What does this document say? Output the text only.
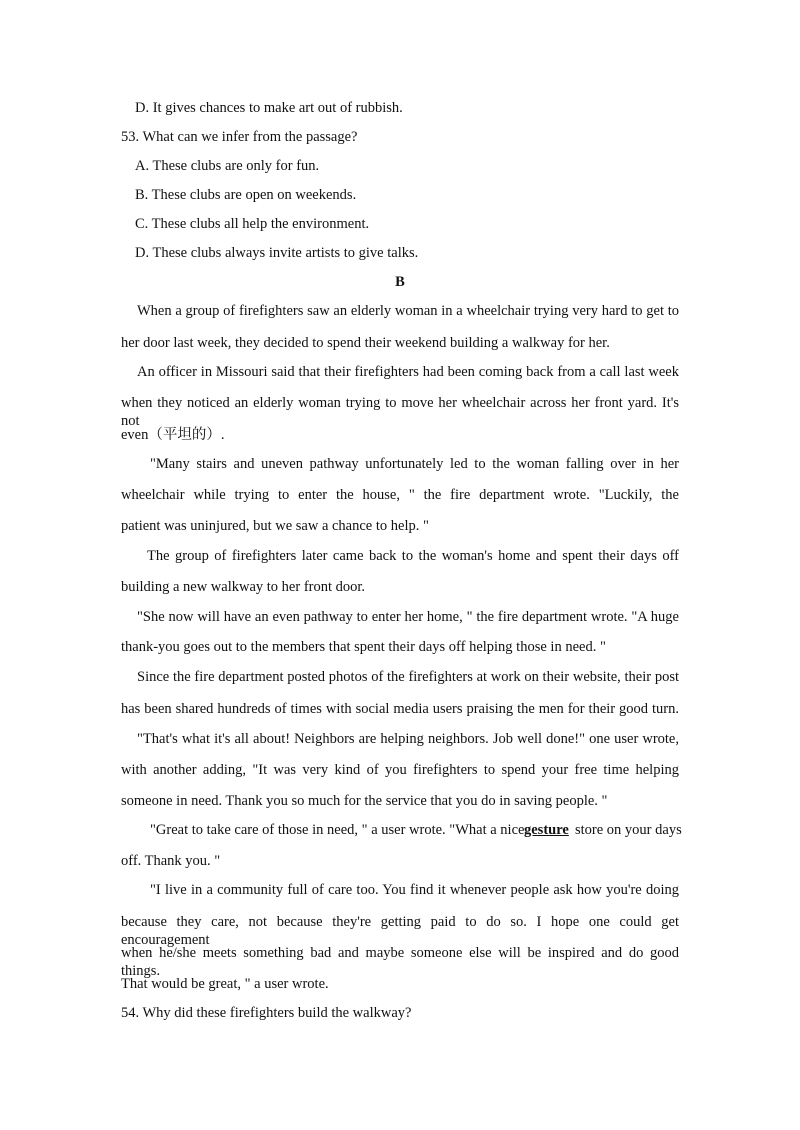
D. It gives chances to make art out of rubbish.
53. What can we infer from the passage?
A. These clubs are only for fun.
B. These clubs are open on weekends.
C. These clubs all help the environment.
D. These clubs always invite artists to give talks.
B
When a group of firefighters saw an elderly woman in a wheelchair trying very hard to get to
her door last week, they decided to spend their weekend building a walkway for her.
An officer in Missouri said that their firefighters had been coming back from a call last week
when they noticed an elderly woman trying to move her wheelchair across her front yard. It's not
even（平坦的）.
"Many stairs and uneven pathway unfortunately led to the woman falling over in her
wheelchair while trying to enter the house, " the fire department wrote. "Luckily, the
patient was uninjured, but we saw a chance to help. "
The group of firefighters later came back to the woman's home and spent their days off
building a new walkway to her front door.
"She now will have an even pathway to enter her home, " the fire department wrote. "A huge
thank-you goes out to the members that spent their days off helping those in need. "
Since the fire department posted photos of the firefighters at work on their website, their post
has been shared hundreds of times with social media users praising the men for their good turn.
"That's what it's all about! Neighbors are helping neighbors. Job well done!" one user wrote,
with another adding, "It was very kind of you firefighters to spend your free time helping
someone in need. Thank you so much for the service that you do in saving people. "
"Great to take care of those in need, " a user wrote. "What a nice gesture store on your days
off. Thank you. "
"I live in a community full of care too. You find it whenever people ask how you're doing
because they care, not because they're getting paid to do so. I hope one could get encouragement
when he/she meets something bad and maybe someone else will be inspired and do good things.
That would be great, " a user wrote.
54. Why did these firefighters build the walkway?
